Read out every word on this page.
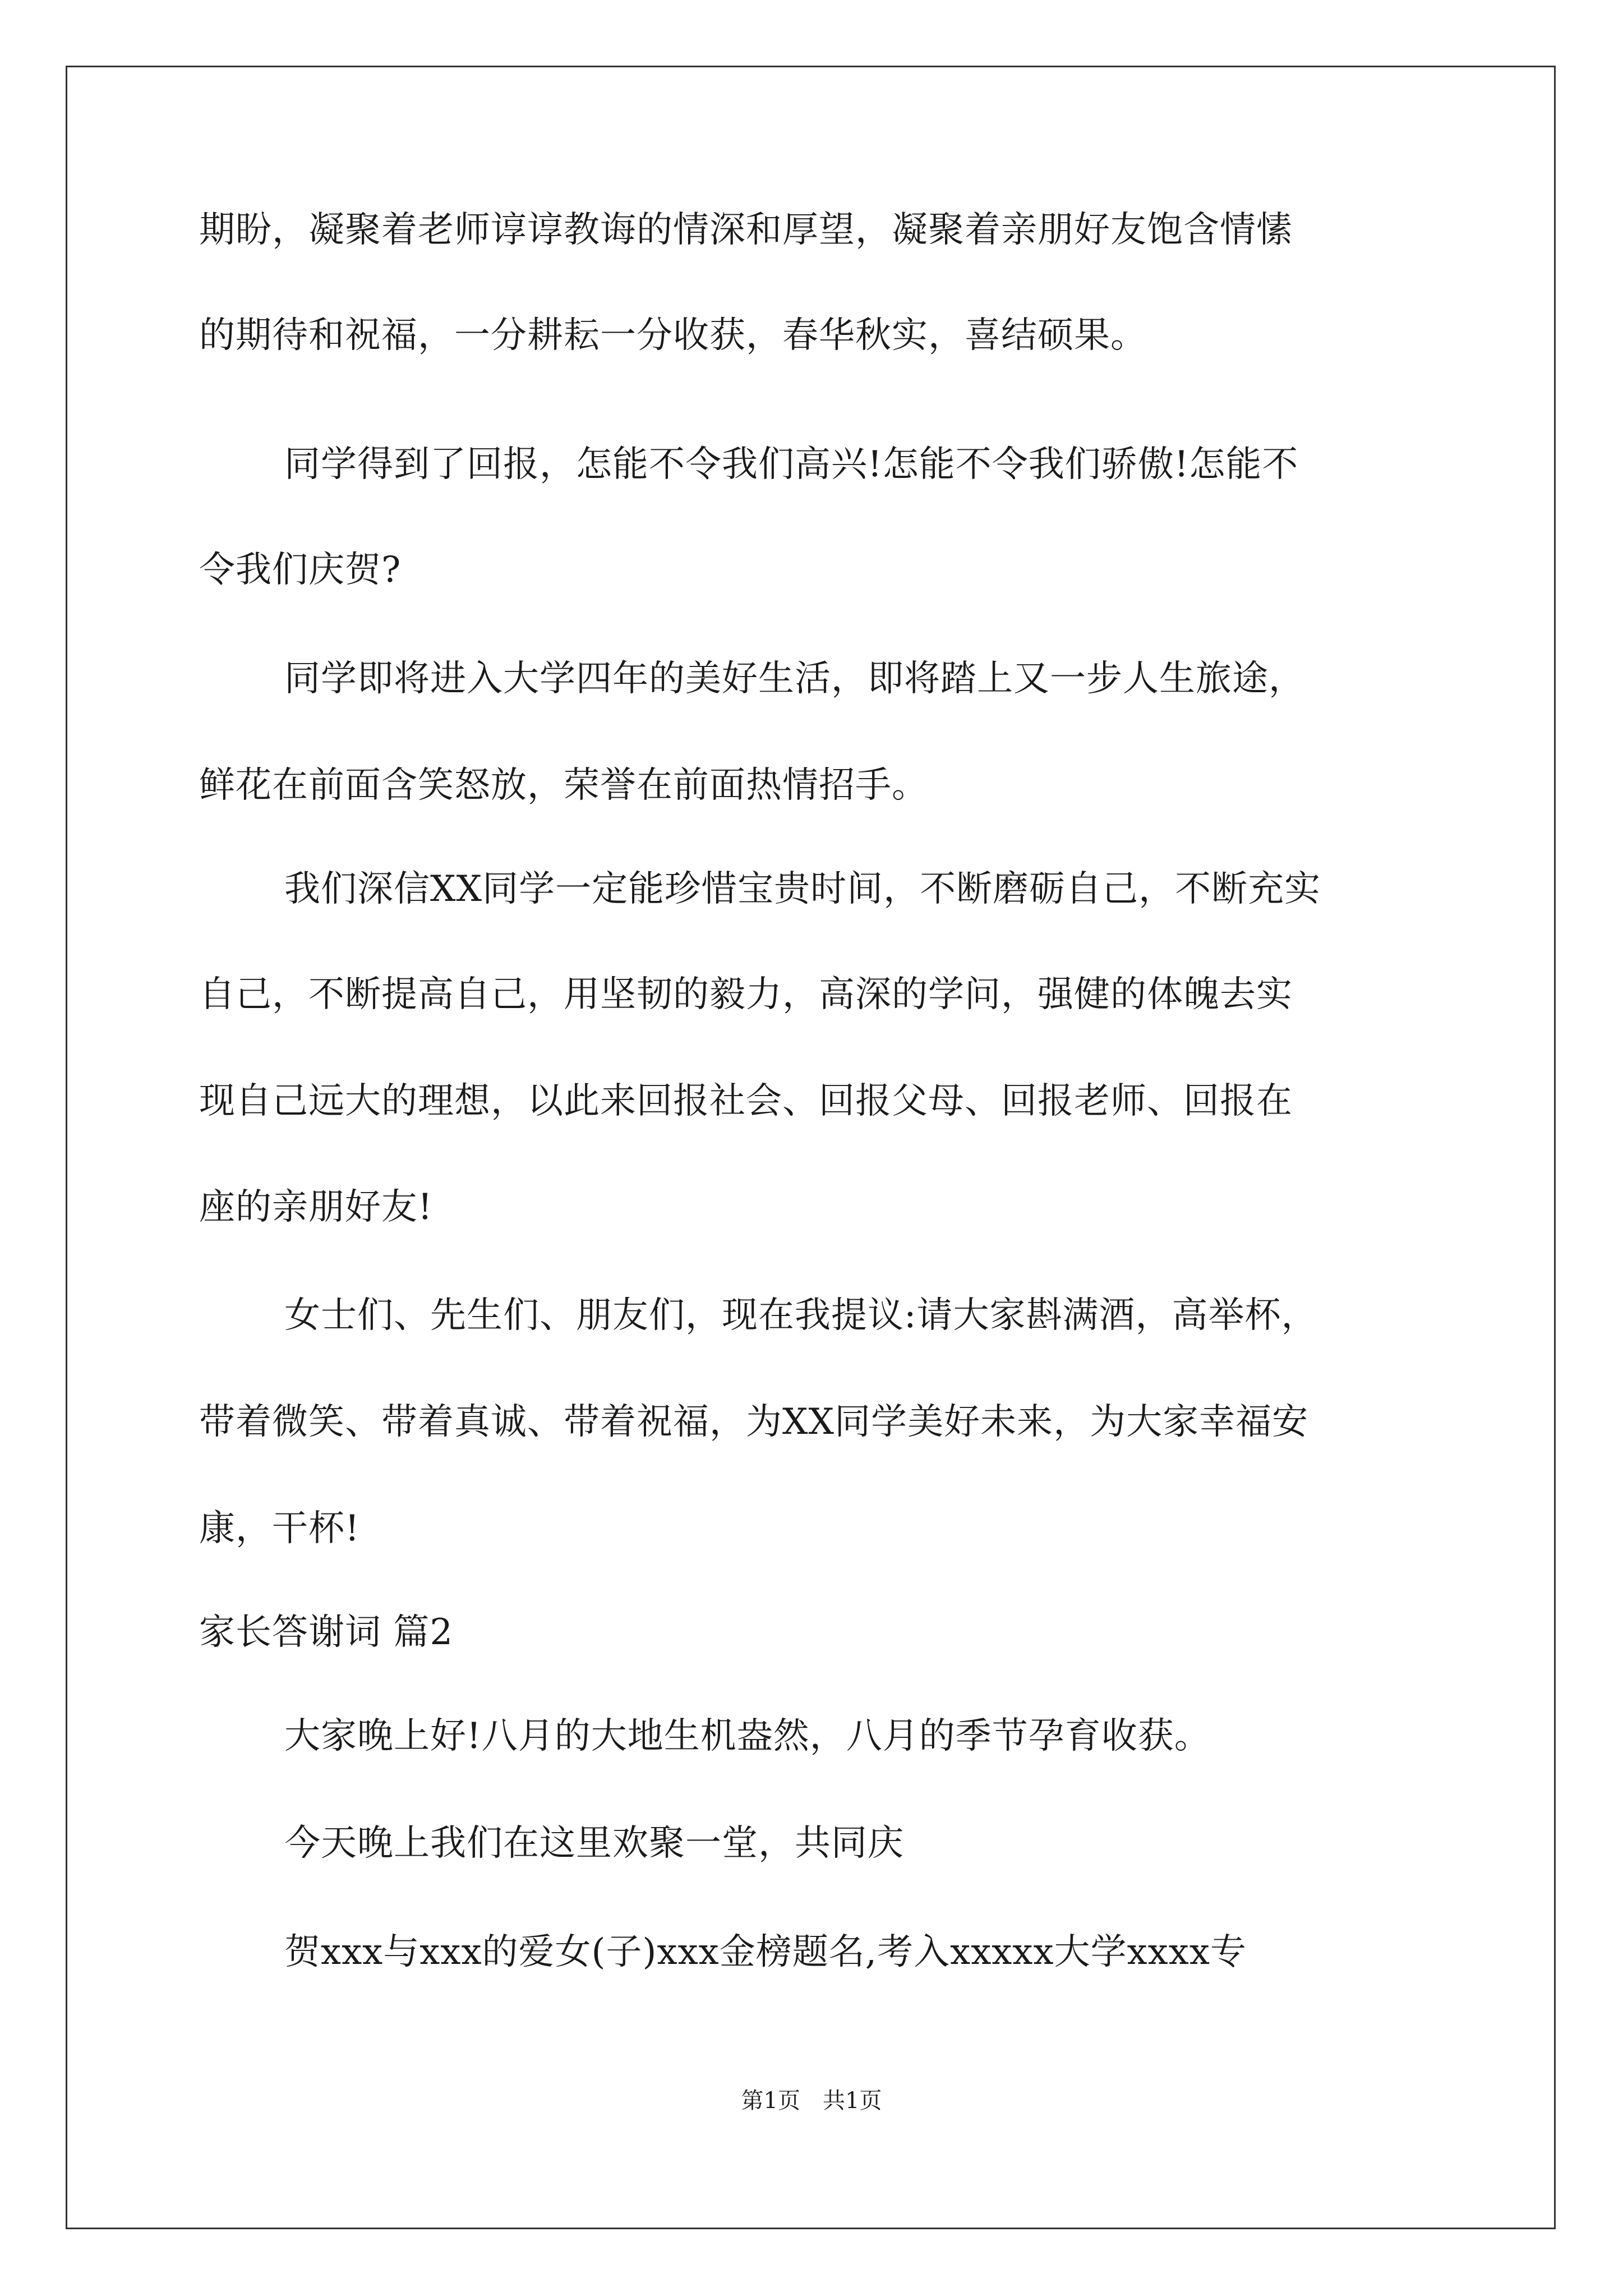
期盼，凝聚着老师谆谆教诲的情深和厚望，凝聚着亲朋好友饱含情愫
的期待和祝福，一分耕耘一分收获，春华秋实，喜结硕果。
同学得到了回报，怎能不令我们高兴!怎能不令我们骄傲!怎能不
令我们庆贺?
同学即将进入大学四年的美好生活，即将踏上又一步人生旅途，
鲜花在前面含笑怒放，荣誉在前面热情招手。
我们深信XX同学一定能珍惜宝贵时间，不断磨砺自己，不断充实
自己，不断提高自己，用坚韧的毅力，高深的学问，强健的体魄去实
现自己远大的理想，以此来回报社会、回报父母、回报老师、回报在
座的亲朋好友!
女士们、先生们、朋友们，现在我提议:请大家斟满酒，高举杯，
带着微笑、带着真诚、带着祝福，为XX同学美好未来，为大家幸福安
康，干杯!
家长答谢词 篇2
大家晚上好!八月的大地生机盎然，八月的季节孕育收获。
今天晚上我们在这里欢聚一堂，共同庆
贺xxx与xxx的爱女(子)xxx金榜题名,考入xxxxx大学xxxx专
第1页　共1页
